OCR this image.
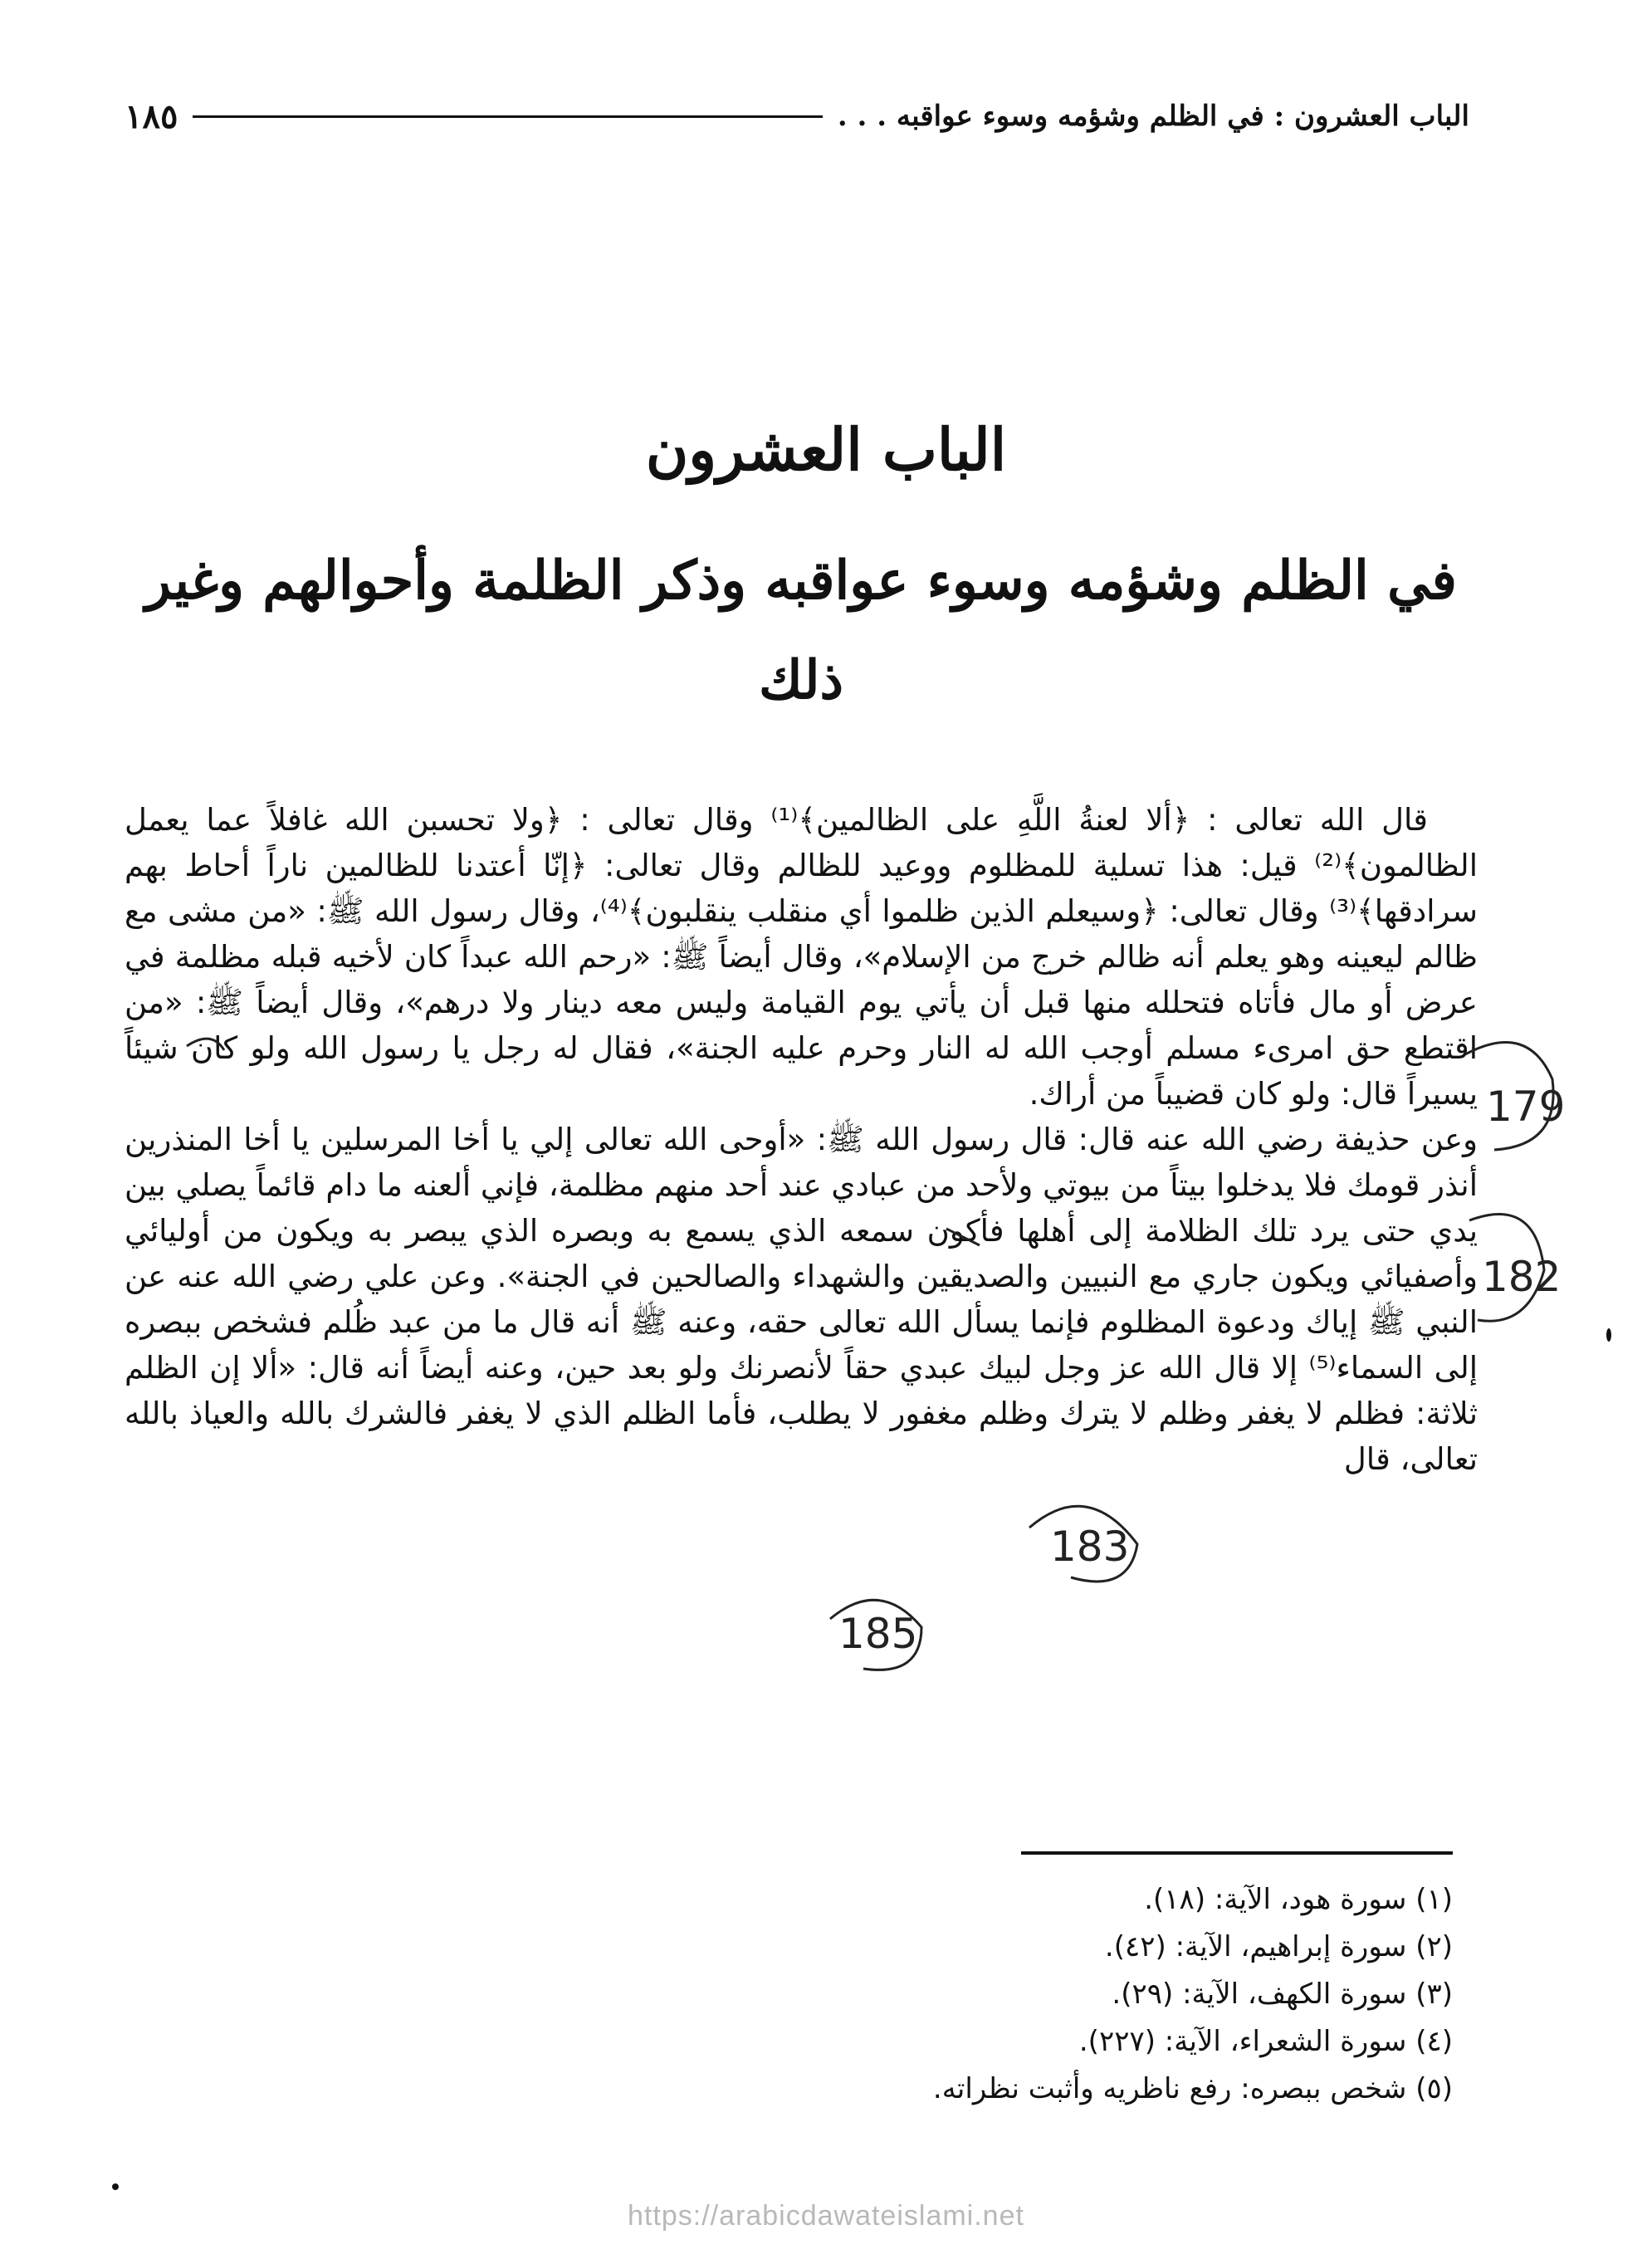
الباب العشرون : في الظلم وشؤمه وسوء عواقبه . . .
١٨٥
الباب العشرون
في الظلم وشؤمه وسوء عواقبه وذكر الظلمة وأحوالهم وغير ذلك

قال الله تعالى : ﴿ألا لعنةُ اللَّهِ على الظالمين﴾⁽¹⁾ وقال تعالى : ﴿ولا تحسبن الله غافلاً عما يعمل الظالمون﴾⁽²⁾ قيل: هذا تسلية للمظلوم ووعيد للظالم وقال تعالى: ﴿إنّا أعتدنا للظالمين ناراً أحاط بهم سرادقها﴾⁽³⁾ وقال تعالى: ﴿وسيعلم الذين ظلموا أي منقلب ينقلبون﴾⁽⁴⁾، وقال رسول الله ﷺ: «من مشى مع ظالم ليعينه وهو يعلم أنه ظالم خرج من الإسلام»، وقال أيضاً ﷺ: «رحم الله عبداً كان لأخيه قبله مظلمة في عرض أو مال فأتاه فتحلله منها قبل أن يأتي يوم القيامة وليس معه دينار ولا درهم»، وقال أيضاً ﷺ: «من اقتطع حق امرىء مسلم أوجب الله له النار وحرم عليه الجنة»، فقال له رجل يا رسول الله ولو كان شيئاً يسيراً قال: ولو كان قضيباً من أراك.

وعن حذيفة رضي الله عنه قال: قال رسول الله ﷺ: «أوحى الله تعالى إلي يا أخا المرسلين يا أخا المنذرين أنذر قومك فلا يدخلوا بيتاً من بيوتي ولأحد من عبادي عند أحد منهم مظلمة، فإني ألعنه ما دام قائماً يصلي بين يدي حتى يرد تلك الظلامة إلى أهلها فأكون سمعه الذي يسمع به وبصره الذي يبصر به ويكون من أوليائي وأصفيائي ويكون جاري مع النبيين والصديقين والشهداء والصالحين في الجنة». وعن علي رضي الله عنه عن النبي ﷺ إياك ودعوة المظلوم فإنما يسأل الله تعالى حقه، وعنه ﷺ أنه قال ما من عبد ظُلم فشخص ببصره إلى السماء⁽⁵⁾ إلا قال الله عز وجل لبيك عبدي حقاً لأنصرنك ولو بعد حين، وعنه أيضاً أنه قال: «ألا إن الظلم ثلاثة: فظلم لا يغفر وظلم لا يترك وظلم مغفور لا يطلب، فأما الظلم الذي لا يغفر فالشرك بالله والعياذ بالله تعالى، قال

(١) سورة هود، الآية: (١٨).
(٢) سورة إبراهيم، الآية: (٤٢).
(٣) سورة الكهف، الآية: (٢٩).
(٤) سورة الشعراء، الآية: (٢٢٧).
(٥) شخص ببصره: رفع ناظريه وأثبت نظراته.
179
182
183
185
https://arabicdawateislami.net
